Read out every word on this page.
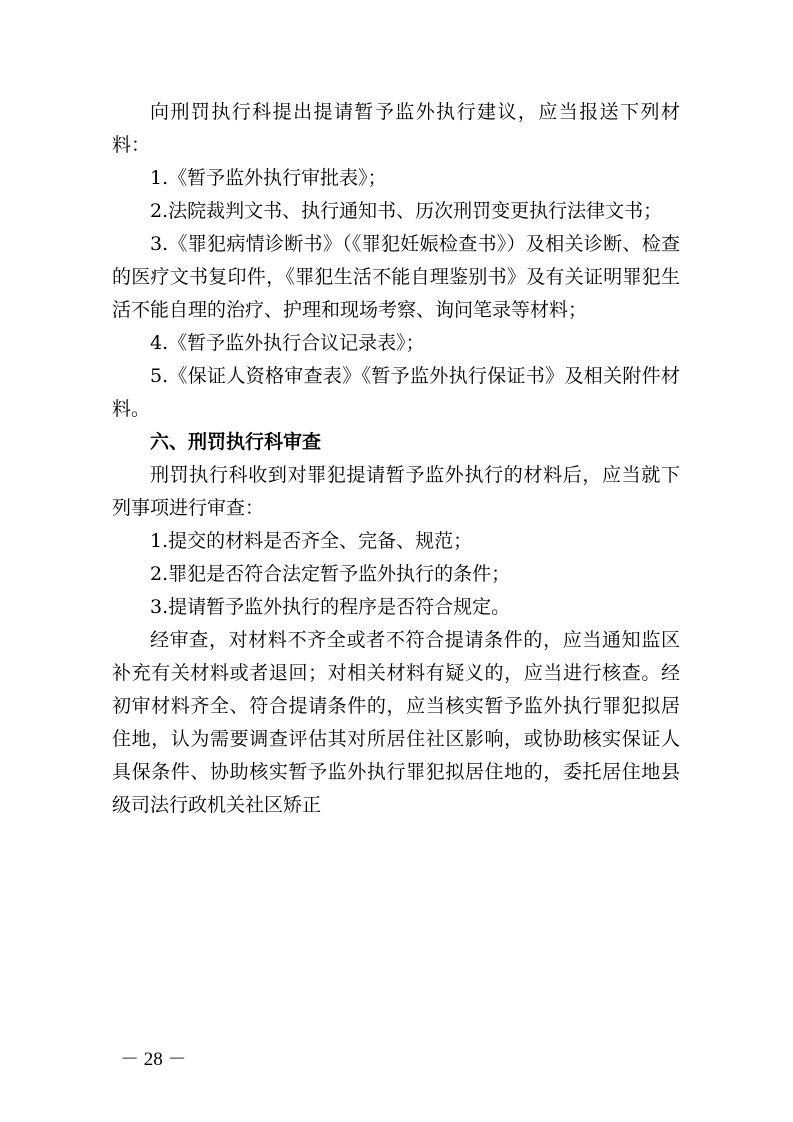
向刑罚执行科提出提请暂予监外执行建议，应当报送下列材料：

1.《暂予监外执行审批表》；

2.法院裁判文书、执行通知书、历次刑罚变更执行法律文书；

3.《罪犯病情诊断书》（《罪犯妊娠检查书》）及相关诊断、检查的医疗文书复印件，《罪犯生活不能自理鉴别书》及有关证明罪犯生活不能自理的治疗、护理和现场考察、询问笔录等材料；

4.《暂予监外执行合议记录表》；

5.《保证人资格审查表》《暂予监外执行保证书》及相关附件材料。

六、刑罚执行科审查

刑罚执行科收到对罪犯提请暂予监外执行的材料后，应当就下列事项进行审查：

1.提交的材料是否齐全、完备、规范；

2.罪犯是否符合法定暂予监外执行的条件；

3.提请暂予监外执行的程序是否符合规定。

经审查，对材料不齐全或者不符合提请条件的，应当通知监区补充有关材料或者退回；对相关材料有疑义的，应当进行核查。经初审材料齐全、符合提请条件的，应当核实暂予监外执行罪犯拟居住地，认为需要调查评估其对所居住社区影响，或协助核实保证人具保条件、协助核实暂予监外执行罪犯拟居住地的，委托居住地县级司法行政机关社区矫正

－ 28 －
